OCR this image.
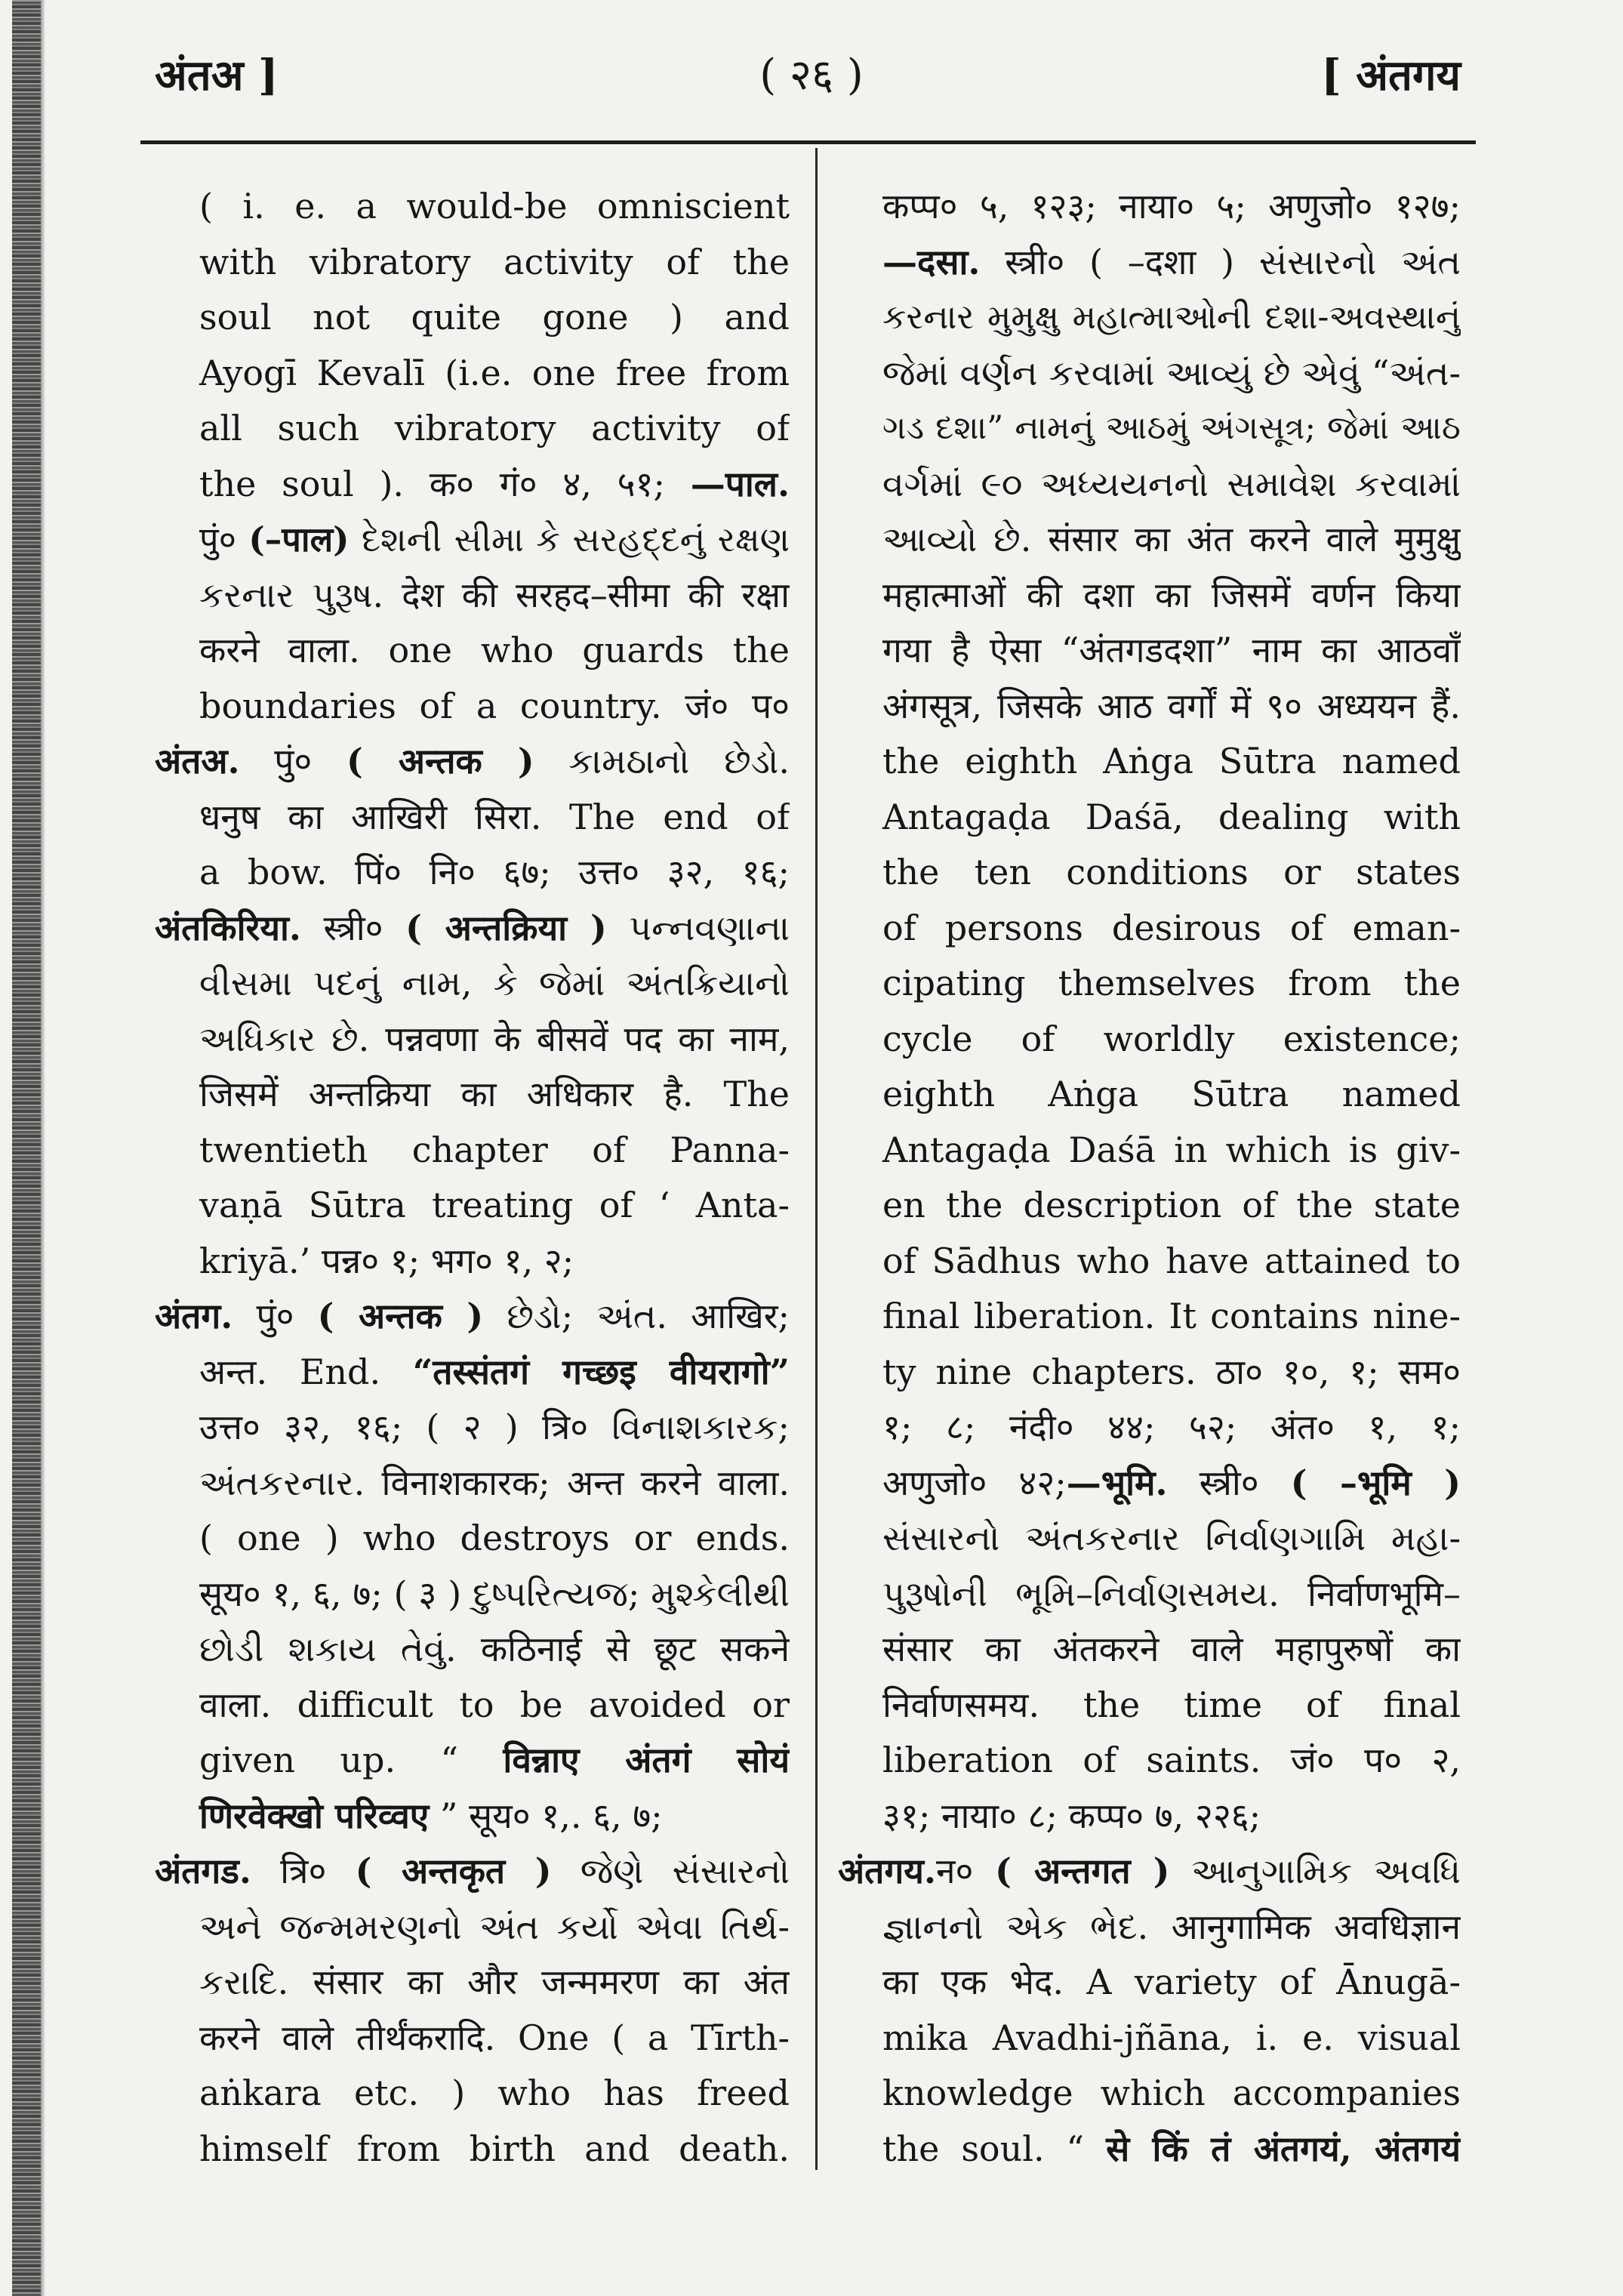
अंतअ ]	( २६ )	[ अंतगय
( i. e. a would-be omniscient
with vibratory activity of the
soul not quite gone ) and
Ayogī Kevalī (i.e. one free from
all such vibratory activity of
the soul ). क० गं० ४, ५१; —पाल.
पुं० (–पाल) દેશની સીમા કે સરહદ્દનું રક્ષણ
કરનાર પુરૂષ. देश की सरहद–सीमा की रक्षा
करने वाला. one who guards the
boundaries of a country. जं० प०
अंतअ. पुं० ( अन्तक ) કામઠાનો છેડો.
धनुष का आखिरी सिरा. The end of
a bow. पिं० नि० ६७; उत्त० ३२, १६;
अंतकिरिया. स्त्री० ( अन्तक्रिया ) પન્નવણાના
વીસમા પદનું નામ, કે જેમાં અંતક્રિયાનો
અધિકાર છે. पन्नवणा के बीसवें पद का नाम,
जिसमें अन्तक्रिया का अधिकार है. The
twentieth chapter of Panna-
vaṇā Sūtra treating of ‘ Anta-
kriyā.’ पन्न० १; भग० १, २;
अंतग. पुं० ( अन्तक ) છેડો; અંત. आखिर;
अन्त. End. “तस्संतगं गच्छइ वीयरागो”
उत्त० ३२, १६; ( २ ) त्रि० વિનાશકારક;
અંતકરનાર. विनाशकारक; अन्त करने वाला.
( one ) who destroys or ends.
सूय० १, ६, ७; ( ३ ) દુષ્પરિત્યજ; મુશ્કેલીથી
છોડી શકાય તેવું. कठिनाई से छूट सकने
वाला. difficult to be avoided or
given up. “ विन्नाए अंतगं सोयं
णिरवेक्खो परिव्वए ” सूय० १,. ६, ७;
अंतगड. त्रि० ( अन्तकृत ) જેણે સંસારનો
અને જન્મમરણનો અંત કર્યો એવા તિર્થ-
કરાદિ. संसार का और जन्ममरण का अंत
करने वाले तीर्थंकरादि. One ( a Tīrth-
aṅkara etc. ) who has freed
himself from birth and death.
कप्प० ५, १२३; नाया० ५; अणुजो० १२७;
—दसा. स्त्री० ( –दशा ) સંસારનો અંત
કરનાર મુમુક્ષુ મહાત્માઓની દશા-અવસ્થાનું
જેમાં વર્ણન કરવામાં આવ્યું છે એવું “અંત-
ગડ દશા” નામનું આઠમું અંગસૂત્ર; જેમાં આઠ
વર્ગમાં ૯૦ અધ્યયનનો સમાવેશ કરવામાં
આવ્યો છે. संसार का अंत करने वाले मुमुक्षु
महात्माओं की दशा का जिसमें वर्णन किया
गया है ऐसा “अंतगडदशा” नाम का आठवाँ
अंगसूत्र, जिसके आठ वर्गों में ९० अध्ययन हैं.
the eighth Aṅga Sūtra named
Antagaḍa Daśā, dealing with
the ten conditions or states
of persons desirous of eman-
cipating themselves from the
cycle of worldly existence;
eighth Aṅga Sūtra named
Antagaḍa Daśā in which is giv-
en the description of the state
of Sādhus who have attained to
final liberation. It contains nine-
ty nine chapters. ठा० १०, १; सम०
१; ८; नंदी० ४४; ५२; अंत० १, १;
अणुजो० ४२;—भूमि. स्त्री० ( –भूमि )
સંસારનો અંતકરનાર નિર્વાણગામિ મહા-
પુરૂષોની ભૂમિ–નિર્વાણસમય. निर्वाणभूमि–
संसार का अंतकरने वाले महापुरुषों का
निर्वाणसमय. the time of final
liberation of saints. जं० प० २,
३१; नाया० ८; कप्प० ७, २२६;
अंतगय.न० ( अन्तगत ) આનુગામિક અવધિ
જ્ઞાનનો એક ભેદ. आनुगामिक अवधिज्ञान
का एक भेद. A variety of Ānugā-
mika Avadhi-jñāna, i. e. visual
knowledge which accompanies
the soul. “ से किं तं अंतगयं, अंतगयं
